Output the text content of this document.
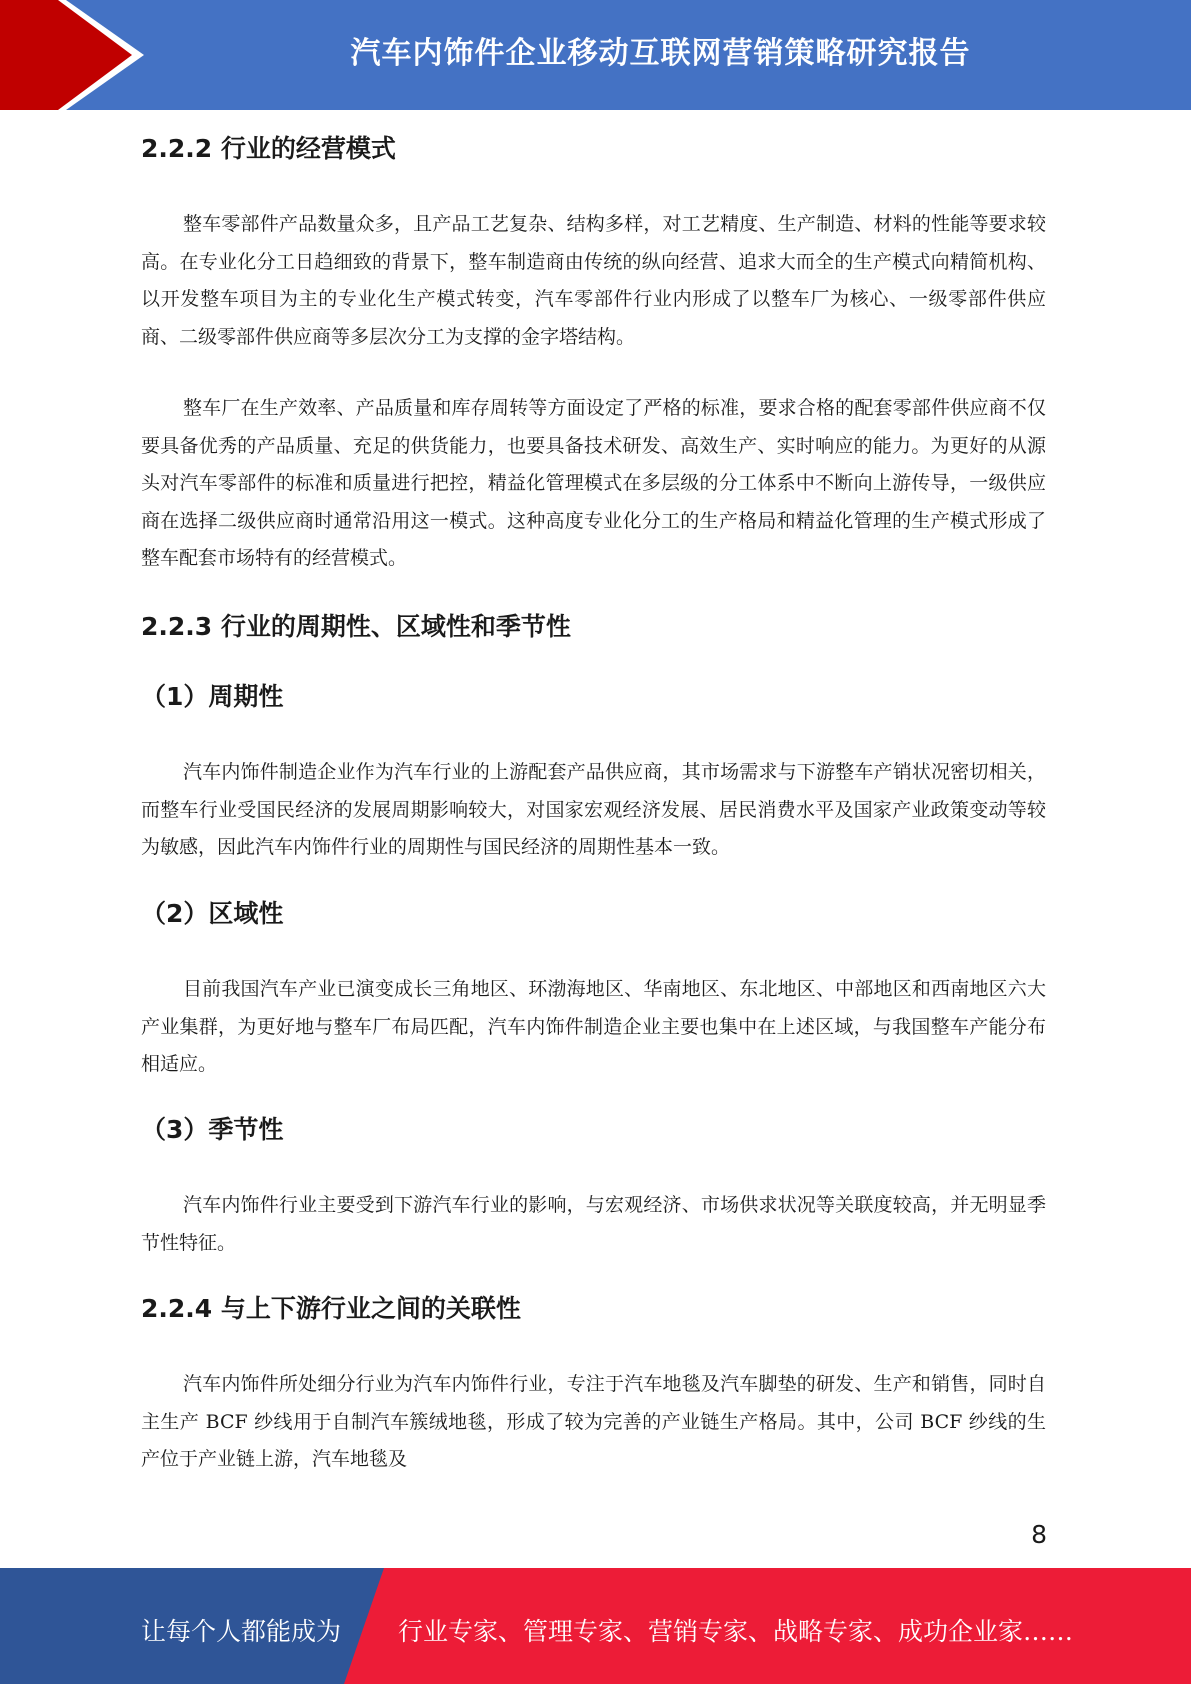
汽车内饰件企业移动互联网营销策略研究报告
2.2.2 行业的经营模式

整车零部件产品数量众多，且产品工艺复杂、结构多样，对工艺精度、生产制造、材料的性能等要求较高。在专业化分工日趋细致的背景下，整车制造商由传统的纵向经营、追求大而全的生产模式向精简机构、以开发整车项目为主的专业化生产模式转变，汽车零部件行业内形成了以整车厂为核心、一级零部件供应商、二级零部件供应商等多层次分工为支撑的金字塔结构。

整车厂在生产效率、产品质量和库存周转等方面设定了严格的标准，要求合格的配套零部件供应商不仅要具备优秀的产品质量、充足的供货能力，也要具备技术研发、高效生产、实时响应的能力。为更好的从源头对汽车零部件的标准和质量进行把控，精益化管理模式在多层级的分工体系中不断向上游传导，一级供应商在选择二级供应商时通常沿用这一模式。这种高度专业化分工的生产格局和精益化管理的生产模式形成了整车配套市场特有的经营模式。

2.2.3 行业的周期性、区域性和季节性
（1）周期性

汽车内饰件制造企业作为汽车行业的上游配套产品供应商，其市场需求与下游整车产销状况密切相关，而整车行业受国民经济的发展周期影响较大，对国家宏观经济发展、居民消费水平及国家产业政策变动等较为敏感，因此汽车内饰件行业的周期性与国民经济的周期性基本一致。

（2）区域性

目前我国汽车产业已演变成长三角地区、环渤海地区、华南地区、东北地区、中部地区和西南地区六大产业集群，为更好地与整车厂布局匹配，汽车内饰件制造企业主要也集中在上述区域，与我国整车产能分布相适应。

（3）季节性

汽车内饰件行业主要受到下游汽车行业的影响，与宏观经济、市场供求状况等关联度较高，并无明显季节性特征。

2.2.4 与上下游行业之间的关联性

汽车内饰件所处细分行业为汽车内饰件行业，专注于汽车地毯及汽车脚垫的研发、生产和销售，同时自主生产 BCF 纱线用于自制汽车簇绒地毯，形成了较为完善的产业链生产格局。其中，公司 BCF 纱线的生产位于产业链上游，汽车地毯及

8
让每个人都能成为 行业专家、管理专家、营销专家、战略专家、成功企业家……
